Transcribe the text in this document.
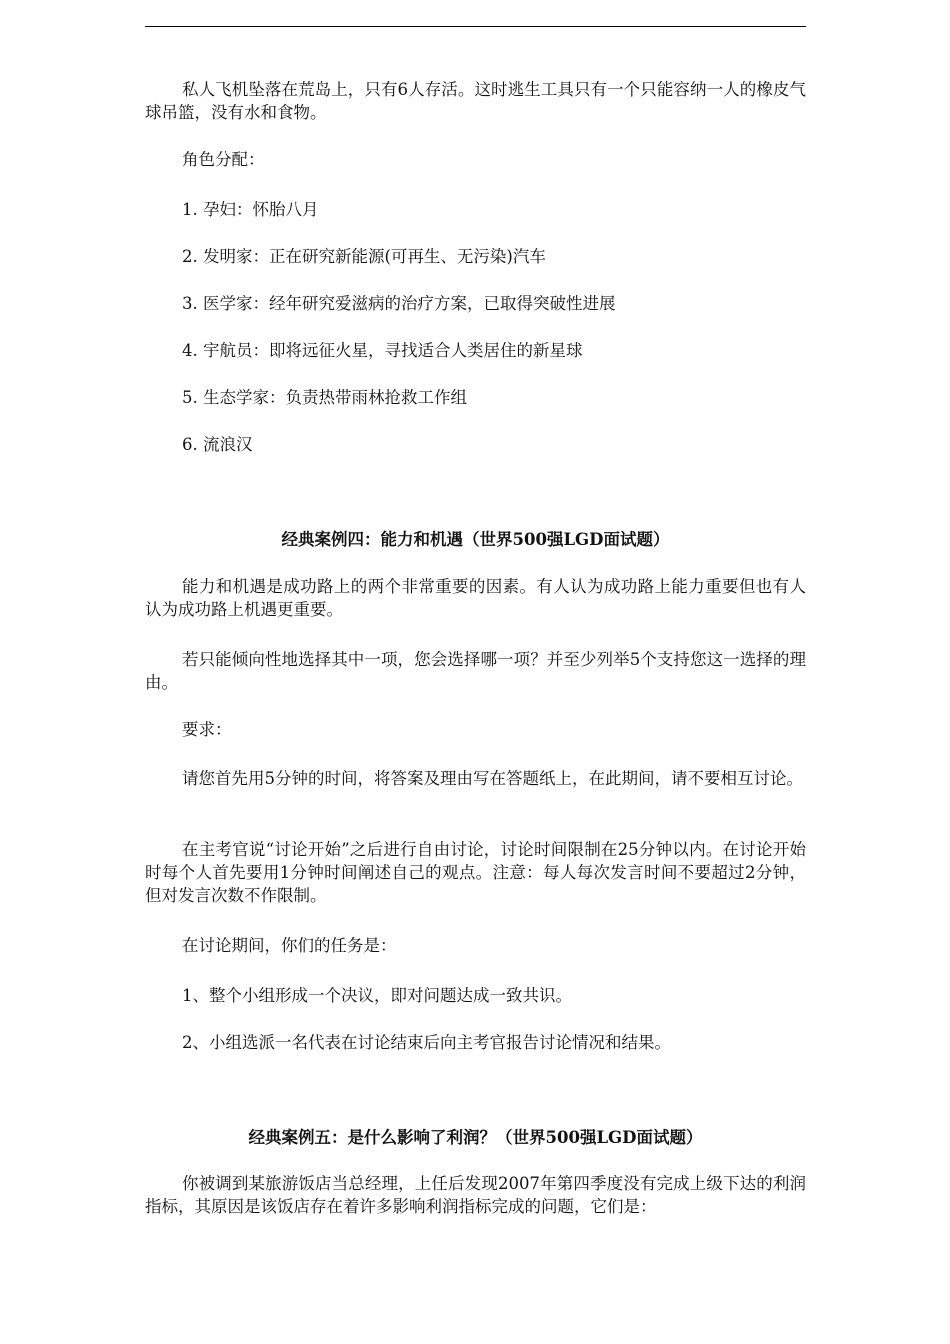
私人飞机坠落在荒岛上，只有6人存活。这时逃生工具只有一个只能容纳一人的橡皮气球吊篮，没有水和食物。

角色分配：

1. 孕妇：怀胎八月

2. 发明家：正在研究新能源(可再生、无污染)汽车

3. 医学家：经年研究爱滋病的治疗方案，已取得突破性进展

4. 宇航员：即将远征火星，寻找适合人类居住的新星球

5. 生态学家：负责热带雨林抢救工作组

6. 流浪汉

经典案例四：能力和机遇（世界500强LGD面试题）

能力和机遇是成功路上的两个非常重要的因素。有人认为成功路上能力重要但也有人认为成功路上机遇更重要。

若只能倾向性地选择其中一项，您会选择哪一项？并至少列举5个支持您这一选择的理由。

要求：

请您首先用5分钟的时间，将答案及理由写在答题纸上，在此期间，请不要相互讨论。

在主考官说“讨论开始”之后进行自由讨论，讨论时间限制在25分钟以内。在讨论开始时每个人首先要用1分钟时间阐述自己的观点。注意：每人每次发言时间不要超过2分钟，但对发言次数不作限制。

在讨论期间，你们的任务是：

1、整个小组形成一个决议，即对问题达成一致共识。

2、小组选派一名代表在讨论结束后向主考官报告讨论情况和结果。

经典案例五：是什么影响了利润？（世界500强LGD面试题）

你被调到某旅游饭店当总经理，上任后发现2007年第四季度没有完成上级下达的利润指标，其原因是该饭店存在着许多影响利润指标完成的问题，它们是：
